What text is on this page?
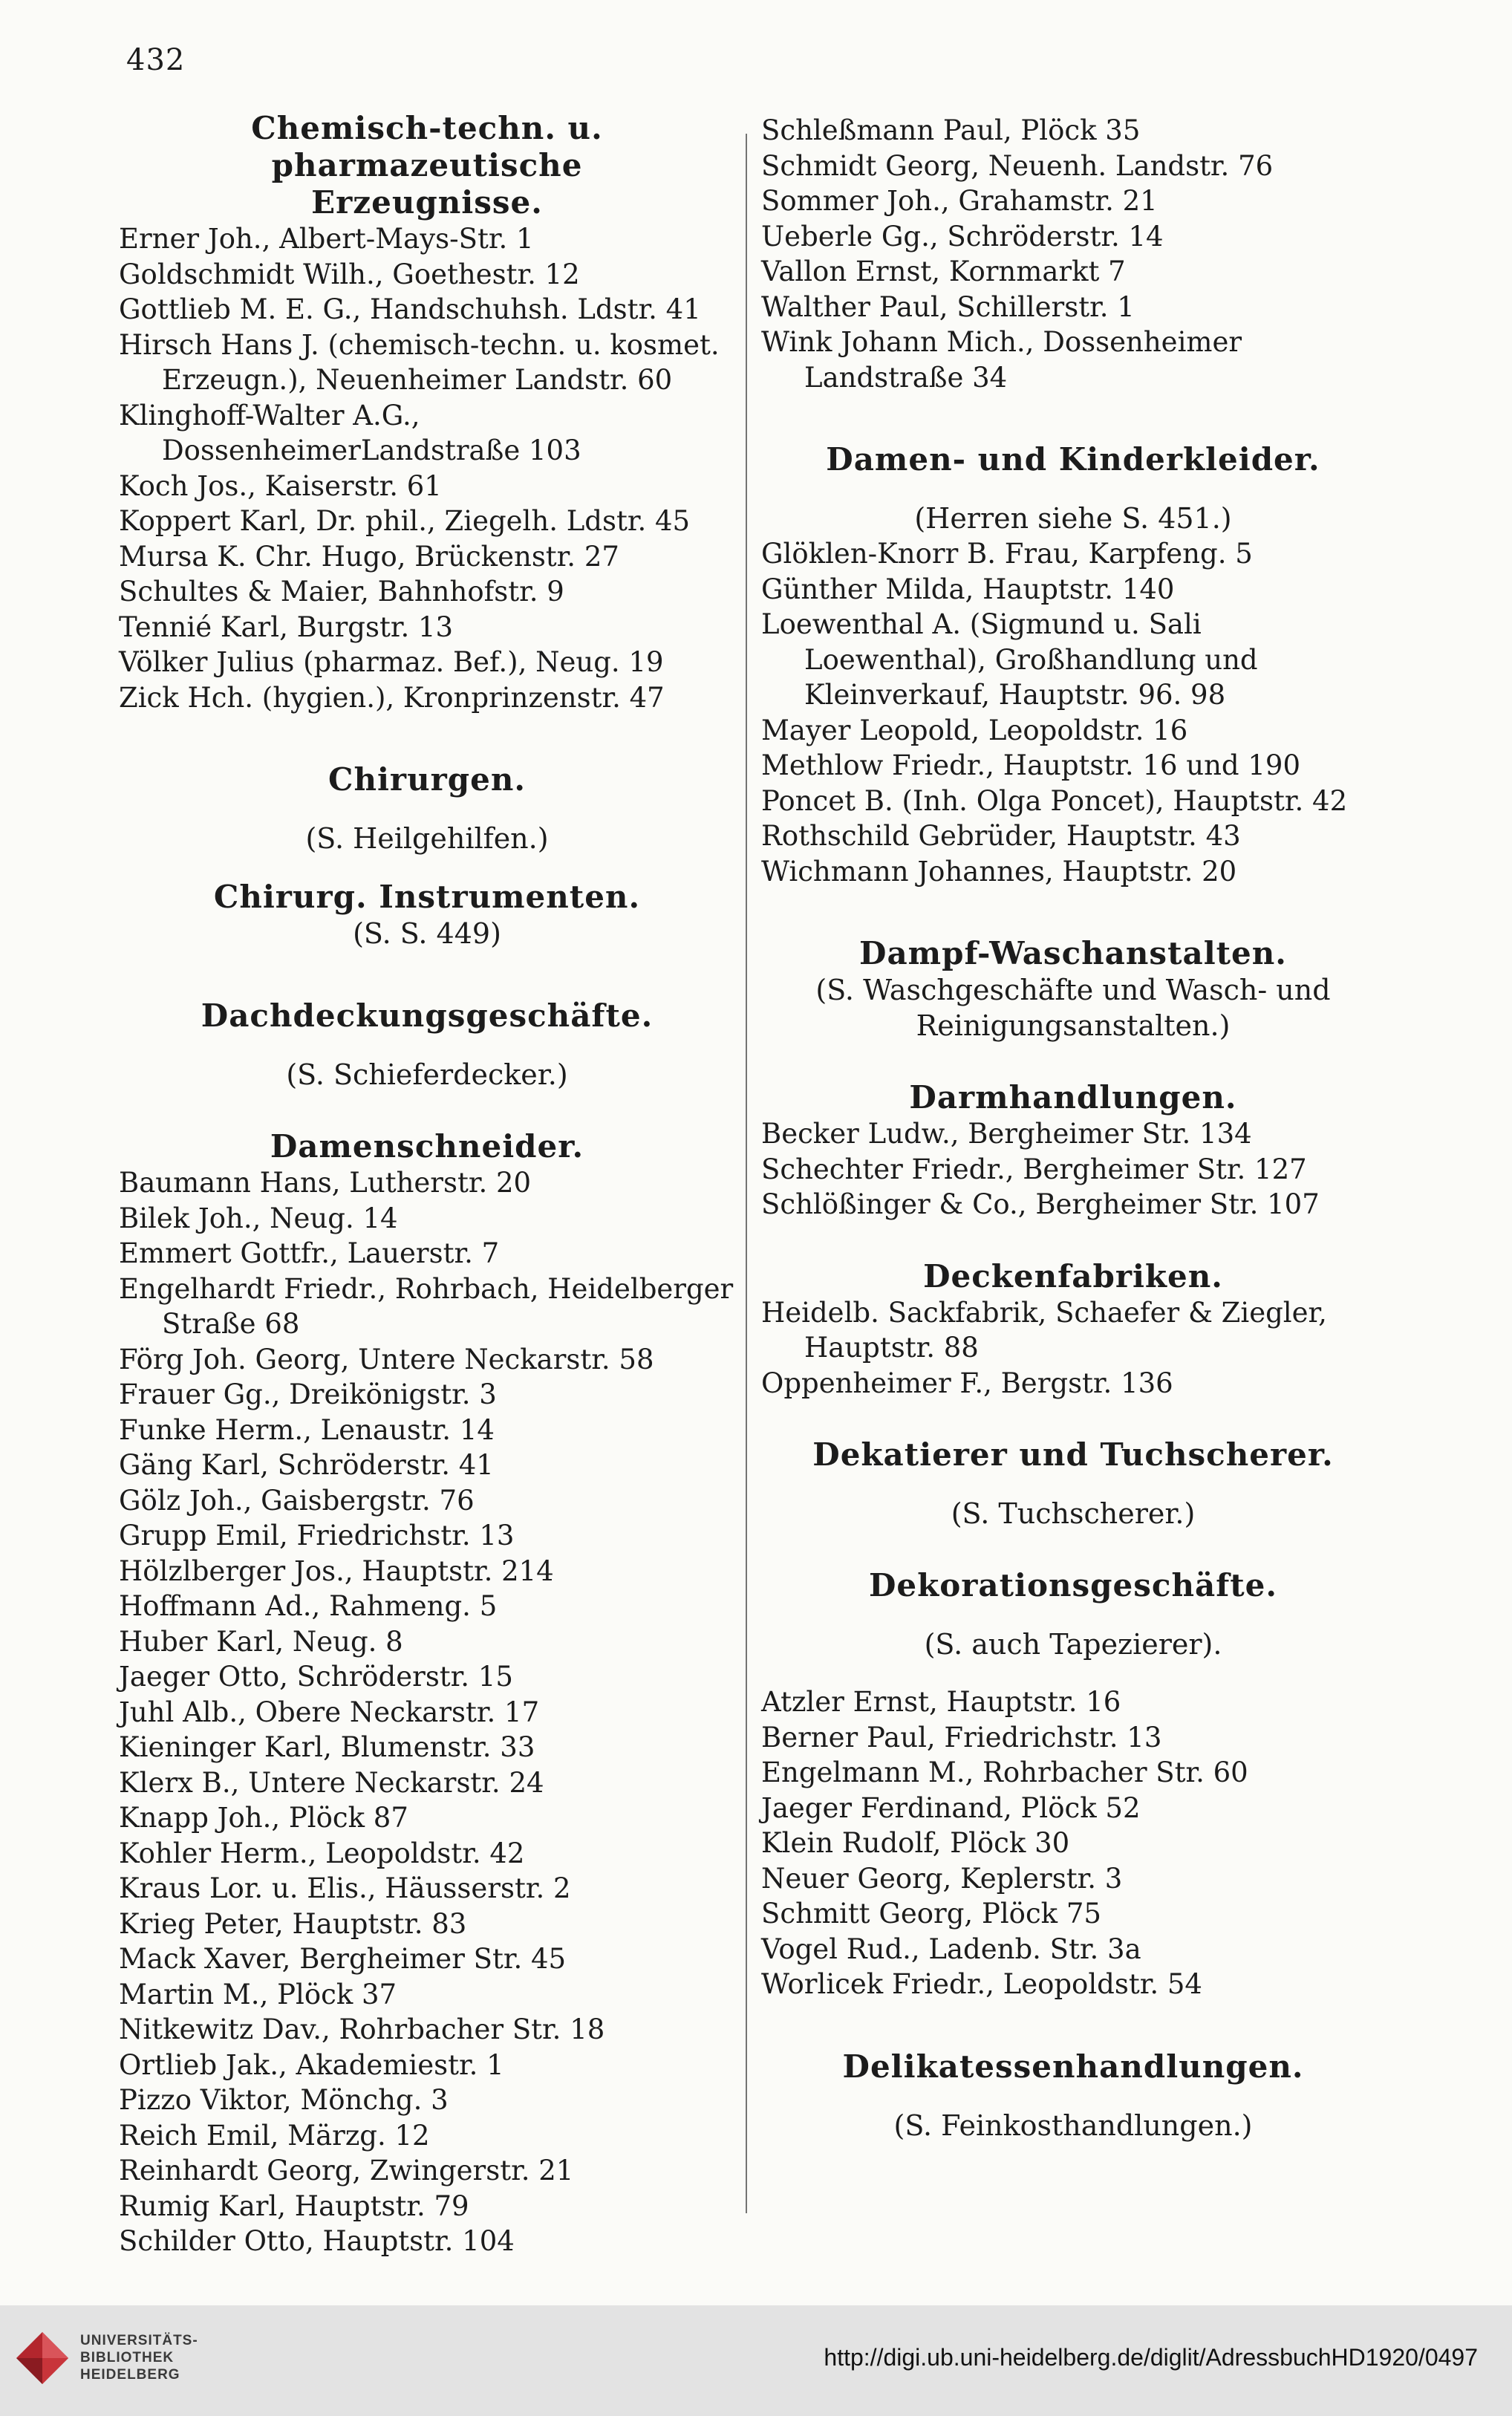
432
Chemisch-techn. u. pharmazeutische
Erzeugnisse.
Erner Joh., Albert-Mays-Str. 1
Goldschmidt Wilh., Goethestr. 12
Gottlieb M. E. G., Handschuhsh. Ldstr. 41
Hirsch Hans J. (chemisch-techn. u. kosmet. Erzeugn.), Neuenheimer Landstr. 60
Klinghoff-Walter A.G., DossenheimerLandstraße 103
Koch Jos., Kaiserstr. 61
Koppert Karl, Dr. phil., Ziegelh. Ldstr. 45
Mursa K. Chr. Hugo, Brückenstr. 27
Schultes & Maier, Bahnhofstr. 9
Tennié Karl, Burgstr. 13
Völker Julius (pharmaz. Bef.), Neug. 19
Zick Hch. (hygien.), Kronprinzenstr. 47
Chirurgen.
(S. Heilgehilfen.)
Chirurg. Instrumenten.
(S. S. 449)
Dachdeckungsgeschäfte.
(S. Schieferdecker.)
Damenschneider.
Baumann Hans, Lutherstr. 20
Bilek Joh., Neug. 14
Emmert Gottfr., Lauerstr. 7
Engelhardt Friedr., Rohrbach, Heidelberger Straße 68
Förg Joh. Georg, Untere Neckarstr. 58
Frauer Gg., Dreikönigstr. 3
Funke Herm., Lenaustr. 14
Gäng Karl, Schröderstr. 41
Gölz Joh., Gaisbergstr. 76
Grupp Emil, Friedrichstr. 13
Hölzlberger Jos., Hauptstr. 214
Hoffmann Ad., Rahmeng. 5
Huber Karl, Neug. 8
Jaeger Otto, Schröderstr. 15
Juhl Alb., Obere Neckarstr. 17
Kieninger Karl, Blumenstr. 33
Klerx B., Untere Neckarstr. 24
Knapp Joh., Plöck 87
Kohler Herm., Leopoldstr. 42
Kraus Lor. u. Elis., Häusserstr. 2
Krieg Peter, Hauptstr. 83
Mack Xaver, Bergheimer Str. 45
Martin M., Plöck 37
Nitkewitz Dav., Rohrbacher Str. 18
Ortlieb Jak., Akademiestr. 1
Pizzo Viktor, Mönchg. 3
Reich Emil, Märzg. 12
Reinhardt Georg, Zwingerstr. 21
Rumig Karl, Hauptstr. 79
Schilder Otto, Hauptstr. 104
Schleßmann Paul, Plöck 35
Schmidt Georg, Neuenh. Landstr. 76
Sommer Joh., Grahamstr. 21
Ueberle Gg., Schröderstr. 14
Vallon Ernst, Kornmarkt 7
Walther Paul, Schillerstr. 1
Wink Johann Mich., Dossenheimer Landstraße 34
Damen- und Kinderkleider.
(Herren siehe S. 451.)
Glöklen-Knorr B. Frau, Karpfeng. 5
Günther Milda, Hauptstr. 140
Loewenthal A. (Sigmund u. Sali Loewenthal), Großhandlung und Kleinverkauf, Hauptstr. 96. 98
Mayer Leopold, Leopoldstr. 16
Methlow Friedr., Hauptstr. 16 und 190
Poncet B. (Inh. Olga Poncet), Hauptstr. 42
Rothschild Gebrüder, Hauptstr. 43
Wichmann Johannes, Hauptstr. 20
Dampf-Waschanstalten.
(S. Waschgeschäfte und Wasch- und Reinigungsanstalten.)
Darmhandlungen.
Becker Ludw., Bergheimer Str. 134
Schechter Friedr., Bergheimer Str. 127
Schlößinger & Co., Bergheimer Str. 107
Deckenfabriken.
Heidelb. Sackfabrik, Schaefer & Ziegler, Hauptstr. 88
Oppenheimer F., Bergstr. 136
Dekatierer und Tuchscherer.
(S. Tuchscherer.)
Dekorationsgeschäfte.
(S. auch Tapezierer).
Atzler Ernst, Hauptstr. 16
Berner Paul, Friedrichstr. 13
Engelmann M., Rohrbacher Str. 60
Jaeger Ferdinand, Plöck 52
Klein Rudolf, Plöck 30
Neuer Georg, Keplerstr. 3
Schmitt Georg, Plöck 75
Vogel Rud., Ladenb. Str. 3a
Worlicek Friedr., Leopoldstr. 54
Delikatessenhandlungen.
(S. Feinkosthandlungen.)
UNIVERSITÄTS-
BIBLIOTHEK
HEIDELBERG
http://digi.ub.uni-heidelberg.de/diglit/AdressbuchHD1920/0497
